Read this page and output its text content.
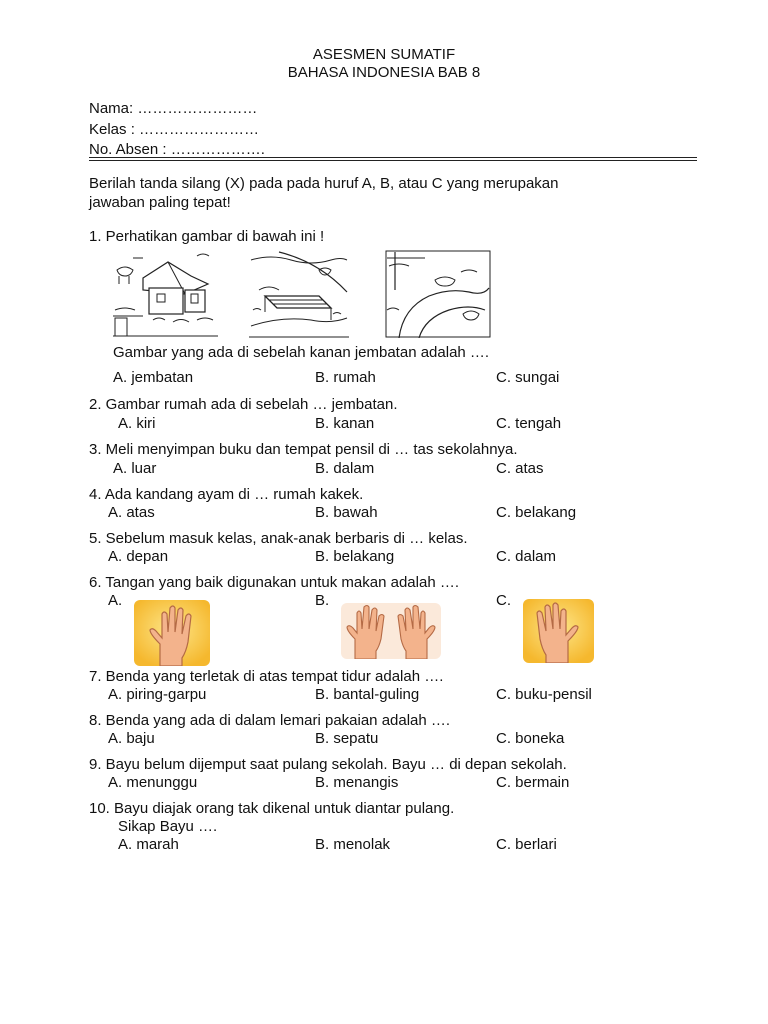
ASESMEN SUMATIF
BAHASA INDONESIA BAB 8
Nama: ……………………
Kelas : ……………………
No. Absen : ……………….
Berilah tanda silang (X) pada pada huruf A, B, atau C yang merupakan
jawaban paling tepat!
1. Perhatikan gambar di bawah ini !
Gambar yang ada di sebelah kanan jembatan adalah ….
A. jembatan	B. rumah	C. sungai
2. Gambar rumah ada di sebelah … jembatan.
A. kiri	B. kanan	C. tengah
3. Meli menyimpan buku dan tempat pensil di … tas sekolahnya.
A. luar	B. dalam	C. atas
4. Ada kandang ayam di … rumah kakek.
A. atas	B. bawah	C. belakang
5. Sebelum masuk kelas, anak-anak berbaris di … kelas.
A. depan	B. belakang	C. dalam
6. Tangan yang baik digunakan untuk makan adalah ….
A.	B.	C.
7. Benda yang terletak di atas tempat tidur adalah ….
A. piring-garpu	B. bantal-guling	C. buku-pensil
8. Benda yang ada di dalam lemari pakaian adalah ….
A. baju	B. sepatu	C. boneka
9. Bayu belum dijemput saat pulang sekolah. Bayu … di depan sekolah.
A. menunggu	B. menangis	C. bermain
10. Bayu diajak orang tak dikenal untuk diantar pulang.
Sikap Bayu ….
A. marah	B. menolak	C. berlari
